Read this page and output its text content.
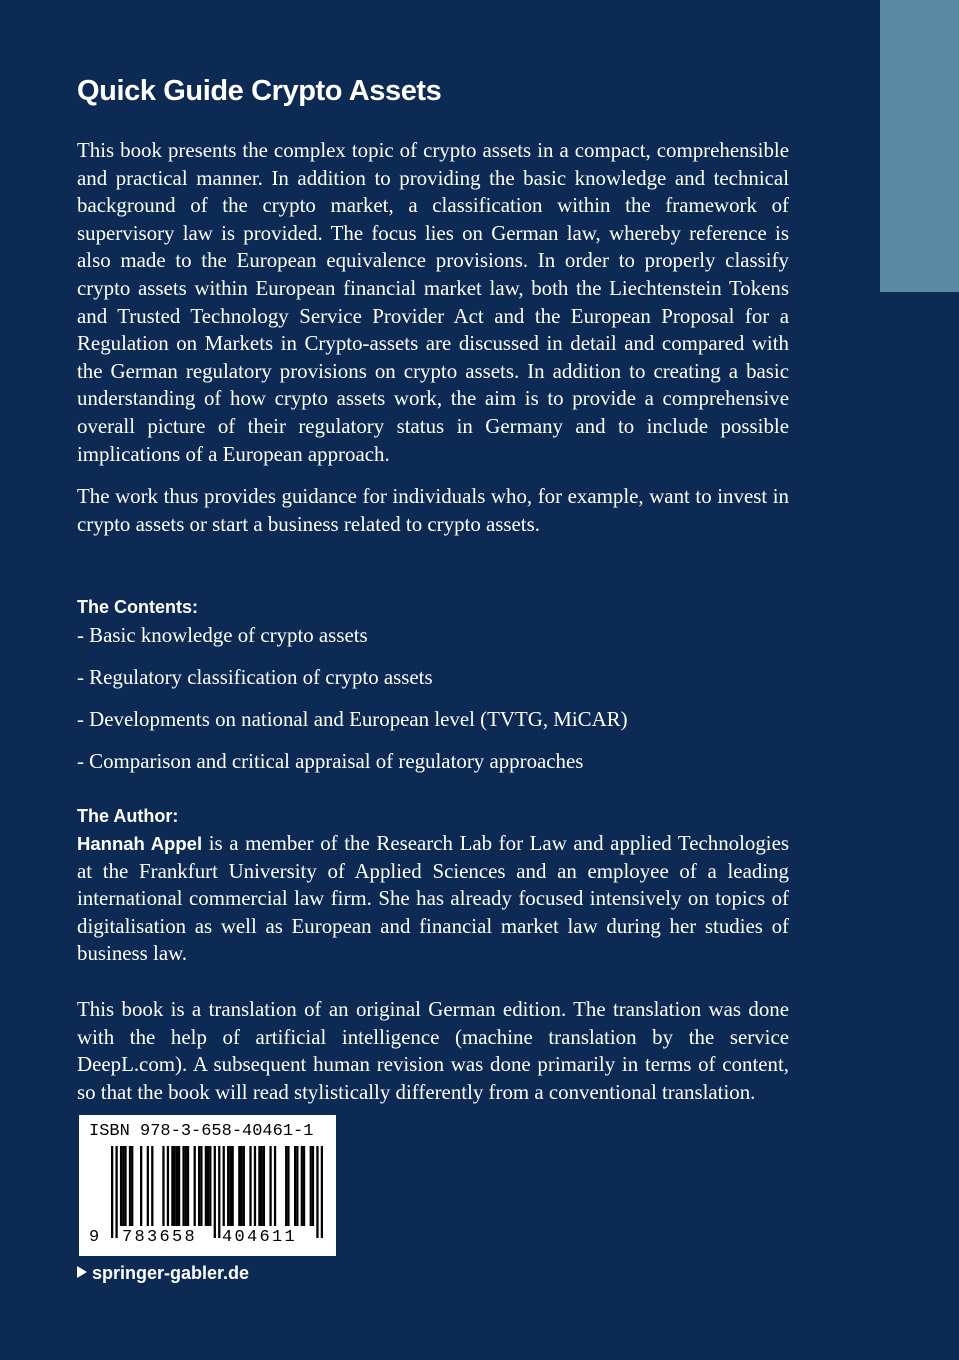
Quick Guide Crypto Assets

This book presents the complex topic of crypto assets in a compact, comprehensible and practical manner. In addition to providing the basic knowledge and technical background of the crypto market, a classification within the framework of supervisory law is provided. The focus lies on German law, whereby reference is also made to the European equivalence provisions. In order to properly classify crypto assets within European financial market law, both the Liechtenstein Tokens and Trusted Technology Service Provider Act and the European Proposal for a Regulation on Markets in Crypto-assets are discussed in detail and compared with the German regulatory provisions on crypto assets. In addition to creating a basic understanding of how crypto assets work, the aim is to provide a comprehensive overall picture of their regulatory status in Germany and to include possible implications of a European approach.

The work thus provides guidance for individuals who, for example, want to invest in crypto assets or start a business related to crypto assets.

The Contents:
- Basic knowledge of crypto assets
- Regulatory classification of crypto assets
- Developments on national and European level (TVTG, MiCAR)
- Comparison and critical appraisal of regulatory approaches
The Author:

Hannah Appel is a member of the Research Lab for Law and applied Technologies at the Frankfurt University of Applied Sciences and an employee of a leading international commercial law firm. She has already focused intensively on topics of digitalisation as well as European and financial market law during her studies of business law.

This book is a translation of an original German edition. The translation was done with the help of artificial intelligence (machine translation by the service DeepL.com). A subsequent human revision was done primarily in terms of content, so that the book will read stylistically differently from a conventional translation.

ISBN 978-3-658-40461-1
9 783658 404611
springer-gabler.de
